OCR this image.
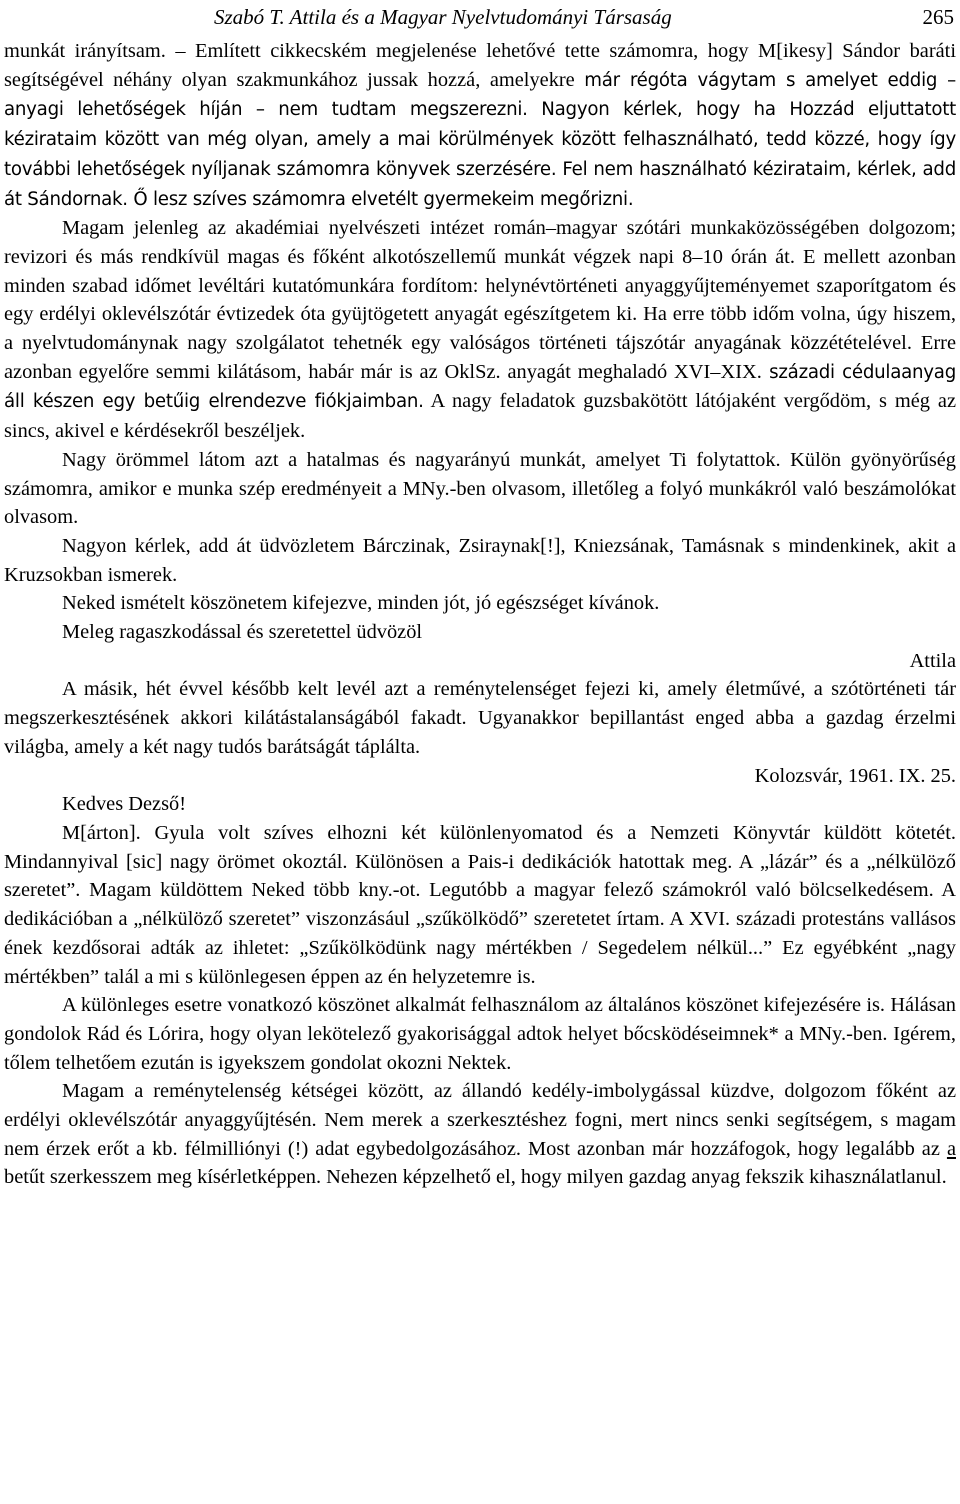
Szabó T. Attila és a Magyar Nyelvtudományi Társaság	265

munkát irányítsam. – Említett cikkecském megjelenése lehetővé tette számomra, hogy M[ikesy] Sándor baráti segítségével néhány olyan szakmunkához jussak hozzá, amelyekre már régóta vágytam s amelyet eddig – anyagi lehetőségek híján – nem tudtam megszerezni. Nagyon kérlek, hogy ha Hozzád eljuttatott kézirataim között van még olyan, amely a mai körülmények között felhasználható, tedd közzé, hogy így további lehetőségek nyíljanak számomra könyvek szerzésére. Fel nem használható kézirataim, kérlek, add át Sándornak. Ő lesz szíves számomra elvetélt gyermekeim megőrizni.

Magam jelenleg az akadémiai nyelvészeti intézet román–magyar szótári munkaközösségében dolgozom; revizori és más rendkívül magas és főként alkotószellemű munkát végzek napi 8–10 órán át. E mellett azonban minden szabad időmet levéltári kutatómunkára fordítom: helynévtörténeti anyaggyűjteményemet szaporítgatom és egy erdélyi oklevélszótár évtizedek óta gyüjtögetett anyagát egészítgetem ki. Ha erre több időm volna, úgy hiszem, a nyelvtudománynak nagy szolgálatot tehetnék egy valóságos történeti tájszótár anyagának közzétételével. Erre azonban egyelőre semmi kilátásom, habár már is az OklSz. anyagát meghaladó XVI–XIX. századi cédulaanyag áll készen egy betűig elrendezve fiókjaimban. A nagy feladatok guzsbakötött látójaként vergődöm, s még az sincs, akivel e kérdésekről beszéljek.

Nagy örömmel látom azt a hatalmas és nagyarányú munkát, amelyet Ti folytattok. Külön gyönyörűség számomra, amikor e munka szép eredményeit a MNy.-ben olvasom, illetőleg a folyó munkákról való beszámolókat olvasom.

Nagyon kérlek, add át üdvözletem Bárczinak, Zsiraynak[!], Kniezsának, Tamásnak s mindenkinek, akit a Kruzsokban ismerek.

Neked ismételt köszönetem kifejezve, minden jót, jó egészséget kívánok.

Meleg ragaszkodással és szeretettel üdvözöl

Attila

A másik, hét évvel később kelt levél azt a reménytelenséget fejezi ki, amely életművé, a szótörténeti tár megszerkesztésének akkori kilátástalanságából fakadt. Ugyanakkor bepillantást enged abba a gazdag érzelmi világba, amely a két nagy tudós barátságát táplálta.

Kolozsvár, 1961. IX. 25.

Kedves Dezső!

M[árton]. Gyula volt szíves elhozni két különlenyomatod és a Nemzeti Könyvtár küldött kötetét. Mindannyival [sic] nagy örömet okoztál. Különösen a Pais-i dedikációk hatottak meg. A „lázár” és a „nélkülöző szeretet”. Magam küldöttem Neked több kny.-ot. Legutóbb a magyar felező számokról való bölcselkedésem. A dedikációban a „nélkülöző szeretet” viszonzásául „szűkölködő” szeretetet írtam. A XVI. századi protestáns vallásos ének kezdősorai adták az ihletet: „Szűkölködünk nagy mértékben / Segedelem nélkül...” Ez egyébként „nagy mértékben” talál a mi s különlegesen éppen az én helyzetemre is.

A különleges esetre vonatkozó köszönet alkalmát felhasználom az általános köszönet kifejezésére is. Hálásan gondolok Rád és Lórira, hogy olyan lekötelező gyakorisággal adtok helyet bőcsködéseimnek* a MNy.-ben. Igérem, tőlem telhetőem ezután is igyekszem gondolat okozni Nektek.

Magam a reménytelenség kétségei között, az állandó kedély-imbolygással küzdve, dolgozom főként az erdélyi oklevélszótár anyaggyűjtésén. Nem merek a szerkesztéshez fogni, mert nincs senki segítségem, s magam nem érzek erőt a kb. félmilliónyi (!) adat egybedolgozásához. Most azonban már hozzáfogok, hogy legalább az a betűt szerkesszem meg kísérletképpen. Nehezen képzelhető el, hogy milyen gazdag anyag fekszik kihasználatlanul.
